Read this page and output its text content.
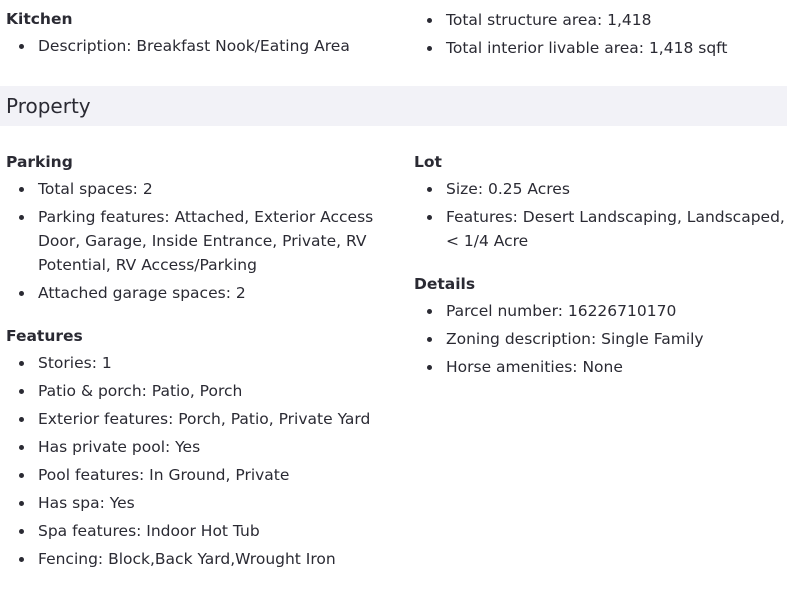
Kitchen
Description: Breakfast Nook/Eating Area
Total structure area: 1,418
Total interior livable area: 1,418 sqft
Property
Parking
Total spaces: 2
Parking features: Attached, Exterior Access Door, Garage, Inside Entrance, Private, RV Potential, RV Access/Parking
Attached garage spaces: 2
Features
Stories: 1
Patio & porch: Patio, Porch
Exterior features: Porch, Patio, Private Yard
Has private pool: Yes
Pool features: In Ground, Private
Has spa: Yes
Spa features: Indoor Hot Tub
Fencing: Block,Back Yard,Wrought Iron
Lot
Size: 0.25 Acres
Features: Desert Landscaping, Landscaped, < 1/4 Acre
Details
Parcel number: 16226710170
Zoning description: Single Family
Horse amenities: None
